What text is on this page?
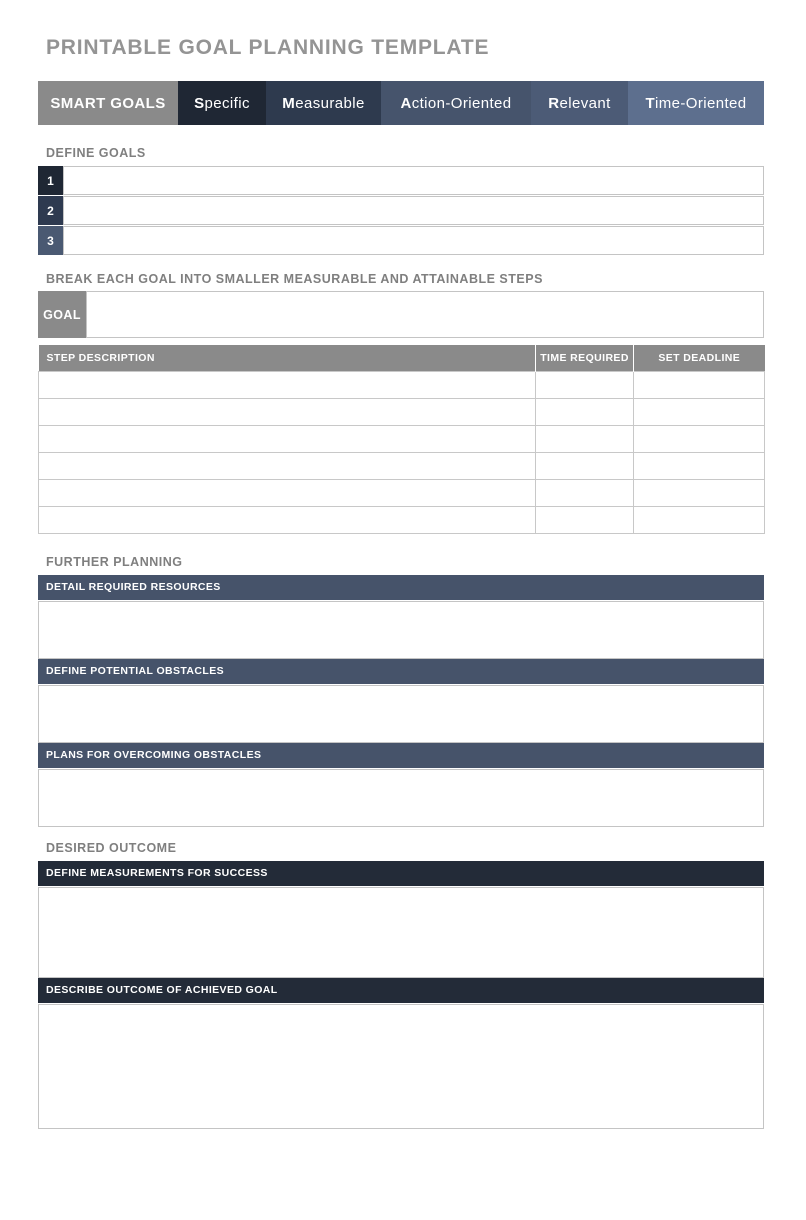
PRINTABLE GOAL PLANNING TEMPLATE
SMART GOALS S pecific M easurable A ction-Oriented R elevant T ime-Oriented
DEFINE GOALS
1
2
3
BREAK EACH GOAL INTO SMALLER MEASURABLE AND ATTAINABLE STEPS
GOAL
STEP DESCRIPTION	TIME REQUIRED	SET DEADLINE

FURTHER PLANNING
DETAIL REQUIRED RESOURCES
DEFINE POTENTIAL OBSTACLES
PLANS FOR OVERCOMING OBSTACLES
DESIRED OUTCOME
DEFINE MEASUREMENTS FOR SUCCESS
DESCRIBE OUTCOME OF ACHIEVED GOAL
